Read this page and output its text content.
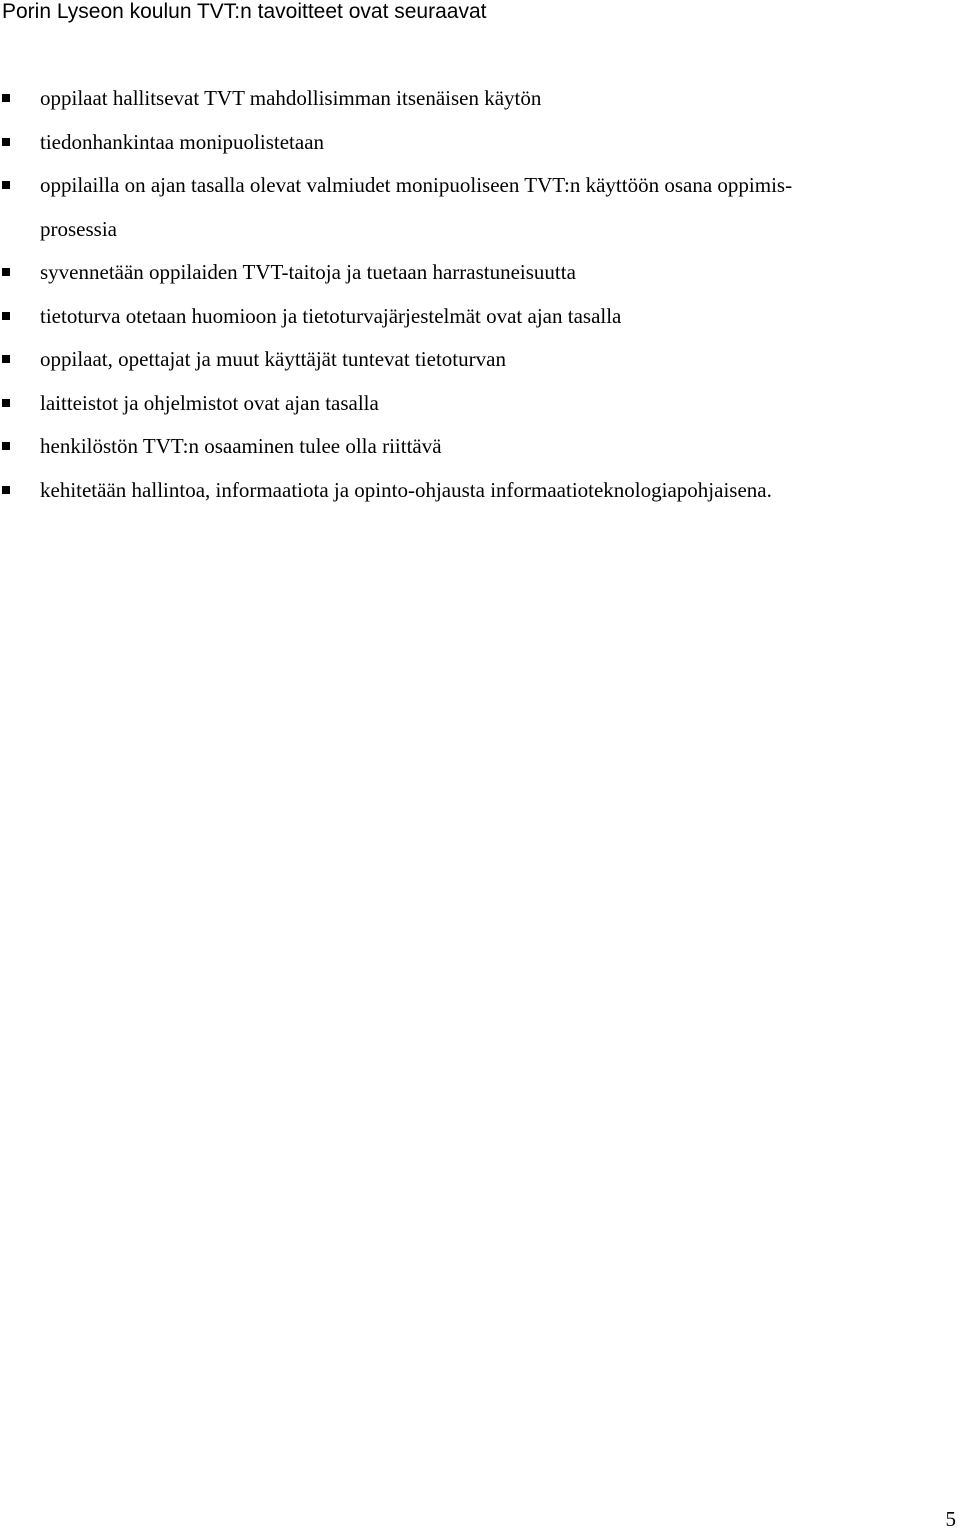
Porin Lyseon koulun TVT:n tavoitteet ovat seuraavat
oppilaat hallitsevat TVT mahdollisimman itsenäisen käytön
tiedonhankintaa monipuolistetaan
oppilailla on ajan tasalla olevat valmiudet monipuoliseen TVT:n käyttöön osana oppimis-
prosessia
syvennetään oppilaiden TVT-taitoja ja tuetaan harrastuneisuutta
tietoturva otetaan huomioon ja tietoturvajärjestelmät ovat ajan tasalla
oppilaat, opettajat ja muut käyttäjät tuntevat tietoturvan
laitteistot ja ohjelmistot ovat ajan tasalla
henkilöstön TVT:n osaaminen tulee olla riittävä
kehitetään hallintoa, informaatiota ja opinto-ohjausta informaatioteknologiapohjaisena.
5
